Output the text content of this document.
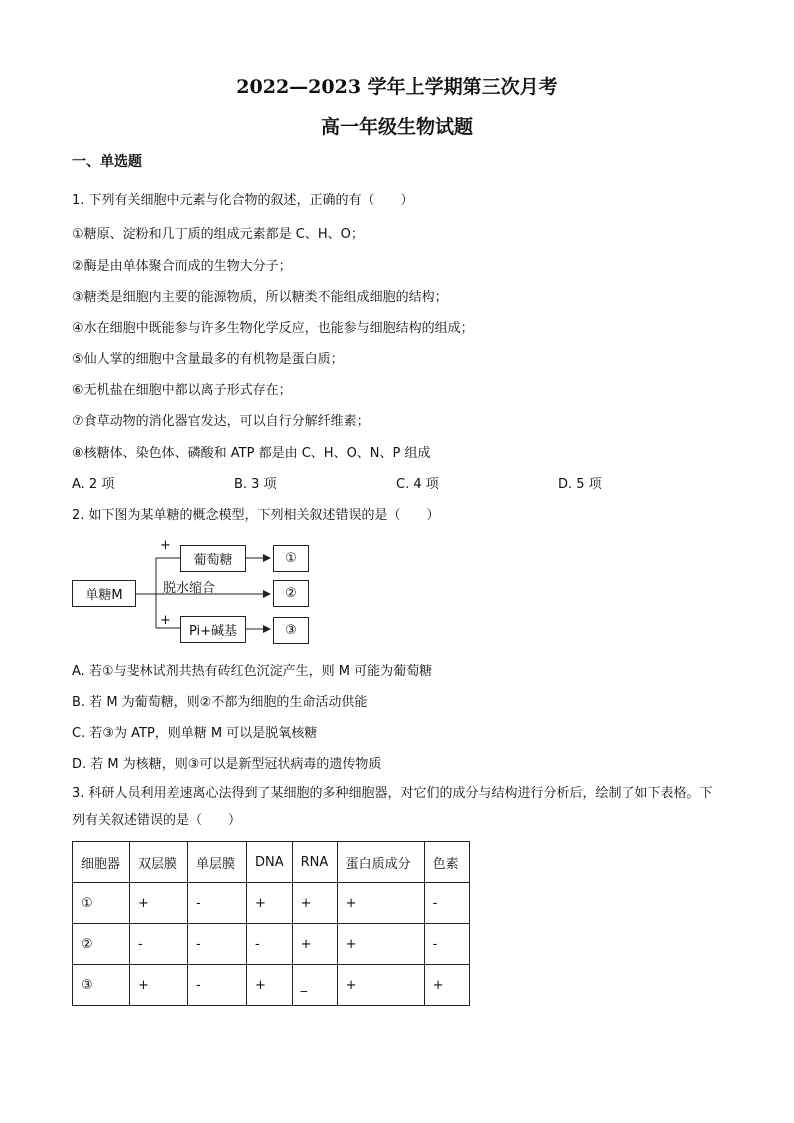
2022—2023 学年上学期第三次月考
高一年级生物试题
一、单选题
1. 下列有关细胞中元素与化合物的叙述，正确的有（　　）
①糖原、淀粉和几丁质的组成元素都是 C、H、O；
②酶是由单体聚合而成的生物大分子；
③糖类是细胞内主要的能源物质，所以糖类不能组成细胞的结构；
④水在细胞中既能参与许多生物化学反应，也能参与细胞结构的组成；
⑤仙人掌的细胞中含量最多的有机物是蛋白质；
⑥无机盐在细胞中都以离子形式存在；
⑦食草动物的消化器官发达，可以自行分解纤维素；
⑧核糖体、染色体、磷酸和 ATP 都是由 C、H、O、N、P 组成
A. 2 项	B. 3 项	C. 4 项	D. 5 项
2. 如下图为某单糖的概念模型，下列相关叙述错误的是（　　）
单糖M
葡萄糖
Pi+碱基
①
②
③
+
+
脱水缩合
A. 若①与斐林试剂共热有砖红色沉淀产生，则 M 可能为葡萄糖
B. 若 M 为葡萄糖，则②不都为细胞的生命活动供能
C. 若③为 ATP，则单糖 M 可以是脱氧核糖
D. 若 M 为核糖，则③可以是新型冠状病毒的遗传物质
3. 科研人员利用差速离心法得到了某细胞的多种细胞器，对它们的成分与结构进行分析后，绘制了如下表格。下列有关叙述错误的是（　　）
细胞器	双层膜	单层膜	DNA	RNA	蛋白质成分	色素
①	+	-	+	+	+	-
②	-	-	-	+	+	-
③	+	-	+	_	+	+
